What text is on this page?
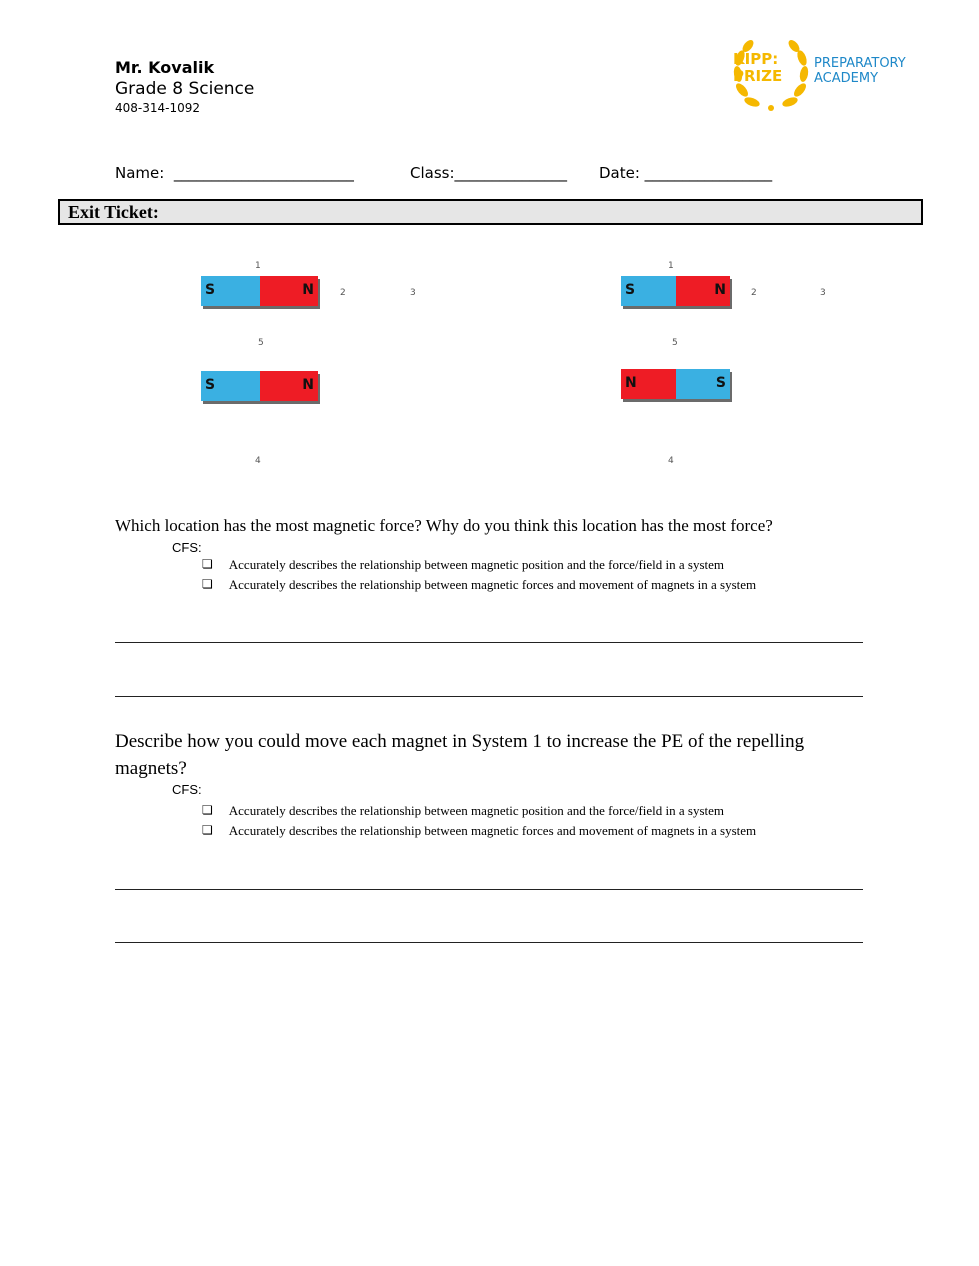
Mr. Kovalik
Grade 8 Science
408-314-1092
KIPP:
PRIZE
PREPARATORY
ACADEMY
Name:  ________________________	Class:_______________ Date: _________________
Exit Ticket:
1
S	N	2	3
5
S	N
4
1
S	N	2	3
5
N	S
4
Which location has the most magnetic force? Why do you think this location has the most force?
CFS:
❏ Accurately describes the relationship between magnetic position and the force/field in a system
❏ Accurately describes the relationship between magnetic forces and movement of magnets in a system
Describe how you could move each magnet in System 1 to increase the PE of the repelling magnets?
CFS:
❏ Accurately describes the relationship between magnetic position and the force/field in a system
❏ Accurately describes the relationship between magnetic forces and movement of magnets in a system
